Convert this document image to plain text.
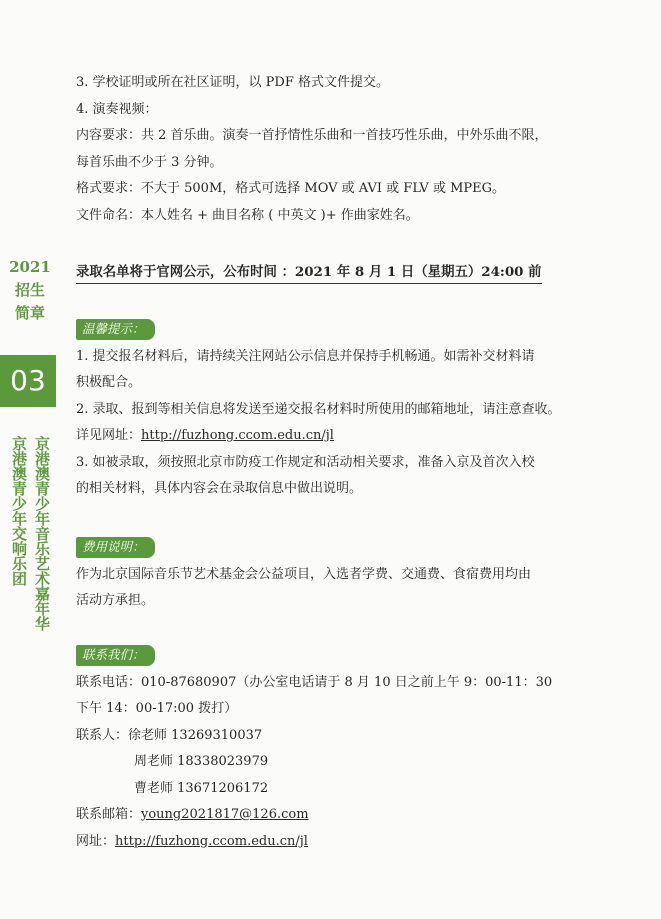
2021
招生
简章
03
京港澳青少年音乐艺术嘉年华
京港澳青少年交响乐团
3. 学校证明或所在社区证明，以 PDF 格式文件提交。
4. 演奏视频：
内容要求：共 2 首乐曲。演奏一首抒情性乐曲和一首技巧性乐曲，中外乐曲不限，
每首乐曲不少于 3 分钟。
格式要求：不大于 500M，格式可选择 MOV 或 AVI 或 FLV 或 MPEG。
文件命名：本人姓名 + 曲目名称 ( 中英文 )+ 作曲家姓名。
录取名单将于官网公示，公布时间 ：2021 年 8 月 1 日（星期五）24:00 前
温馨提示：
1. 提交报名材料后，请持续关注网站公示信息并保持手机畅通。如需补交材料请
积极配合。
2. 录取、报到等相关信息将发送至递交报名材料时所使用的邮箱地址，请注意查收。
详见网址：http://fuzhong.ccom.edu.cn/jl
3. 如被录取，须按照北京市防疫工作规定和活动相关要求，准备入京及首次入校
的相关材料，具体内容会在录取信息中做出说明。
费用说明：
作为北京国际音乐节艺术基金会公益项目，入选者学费、交通费、食宿费用均由
活动方承担。
联系我们：
联系电话：010-87680907（办公室电话请于 8 月 10 日之前上午 9：00-11：30
下午 14：00-17:00 拨打）
联系人：徐老师 13269310037
周老师 18338023979
曹老师 13671206172
联系邮箱：young2021817@126.com
网址：http://fuzhong.ccom.edu.cn/jl
